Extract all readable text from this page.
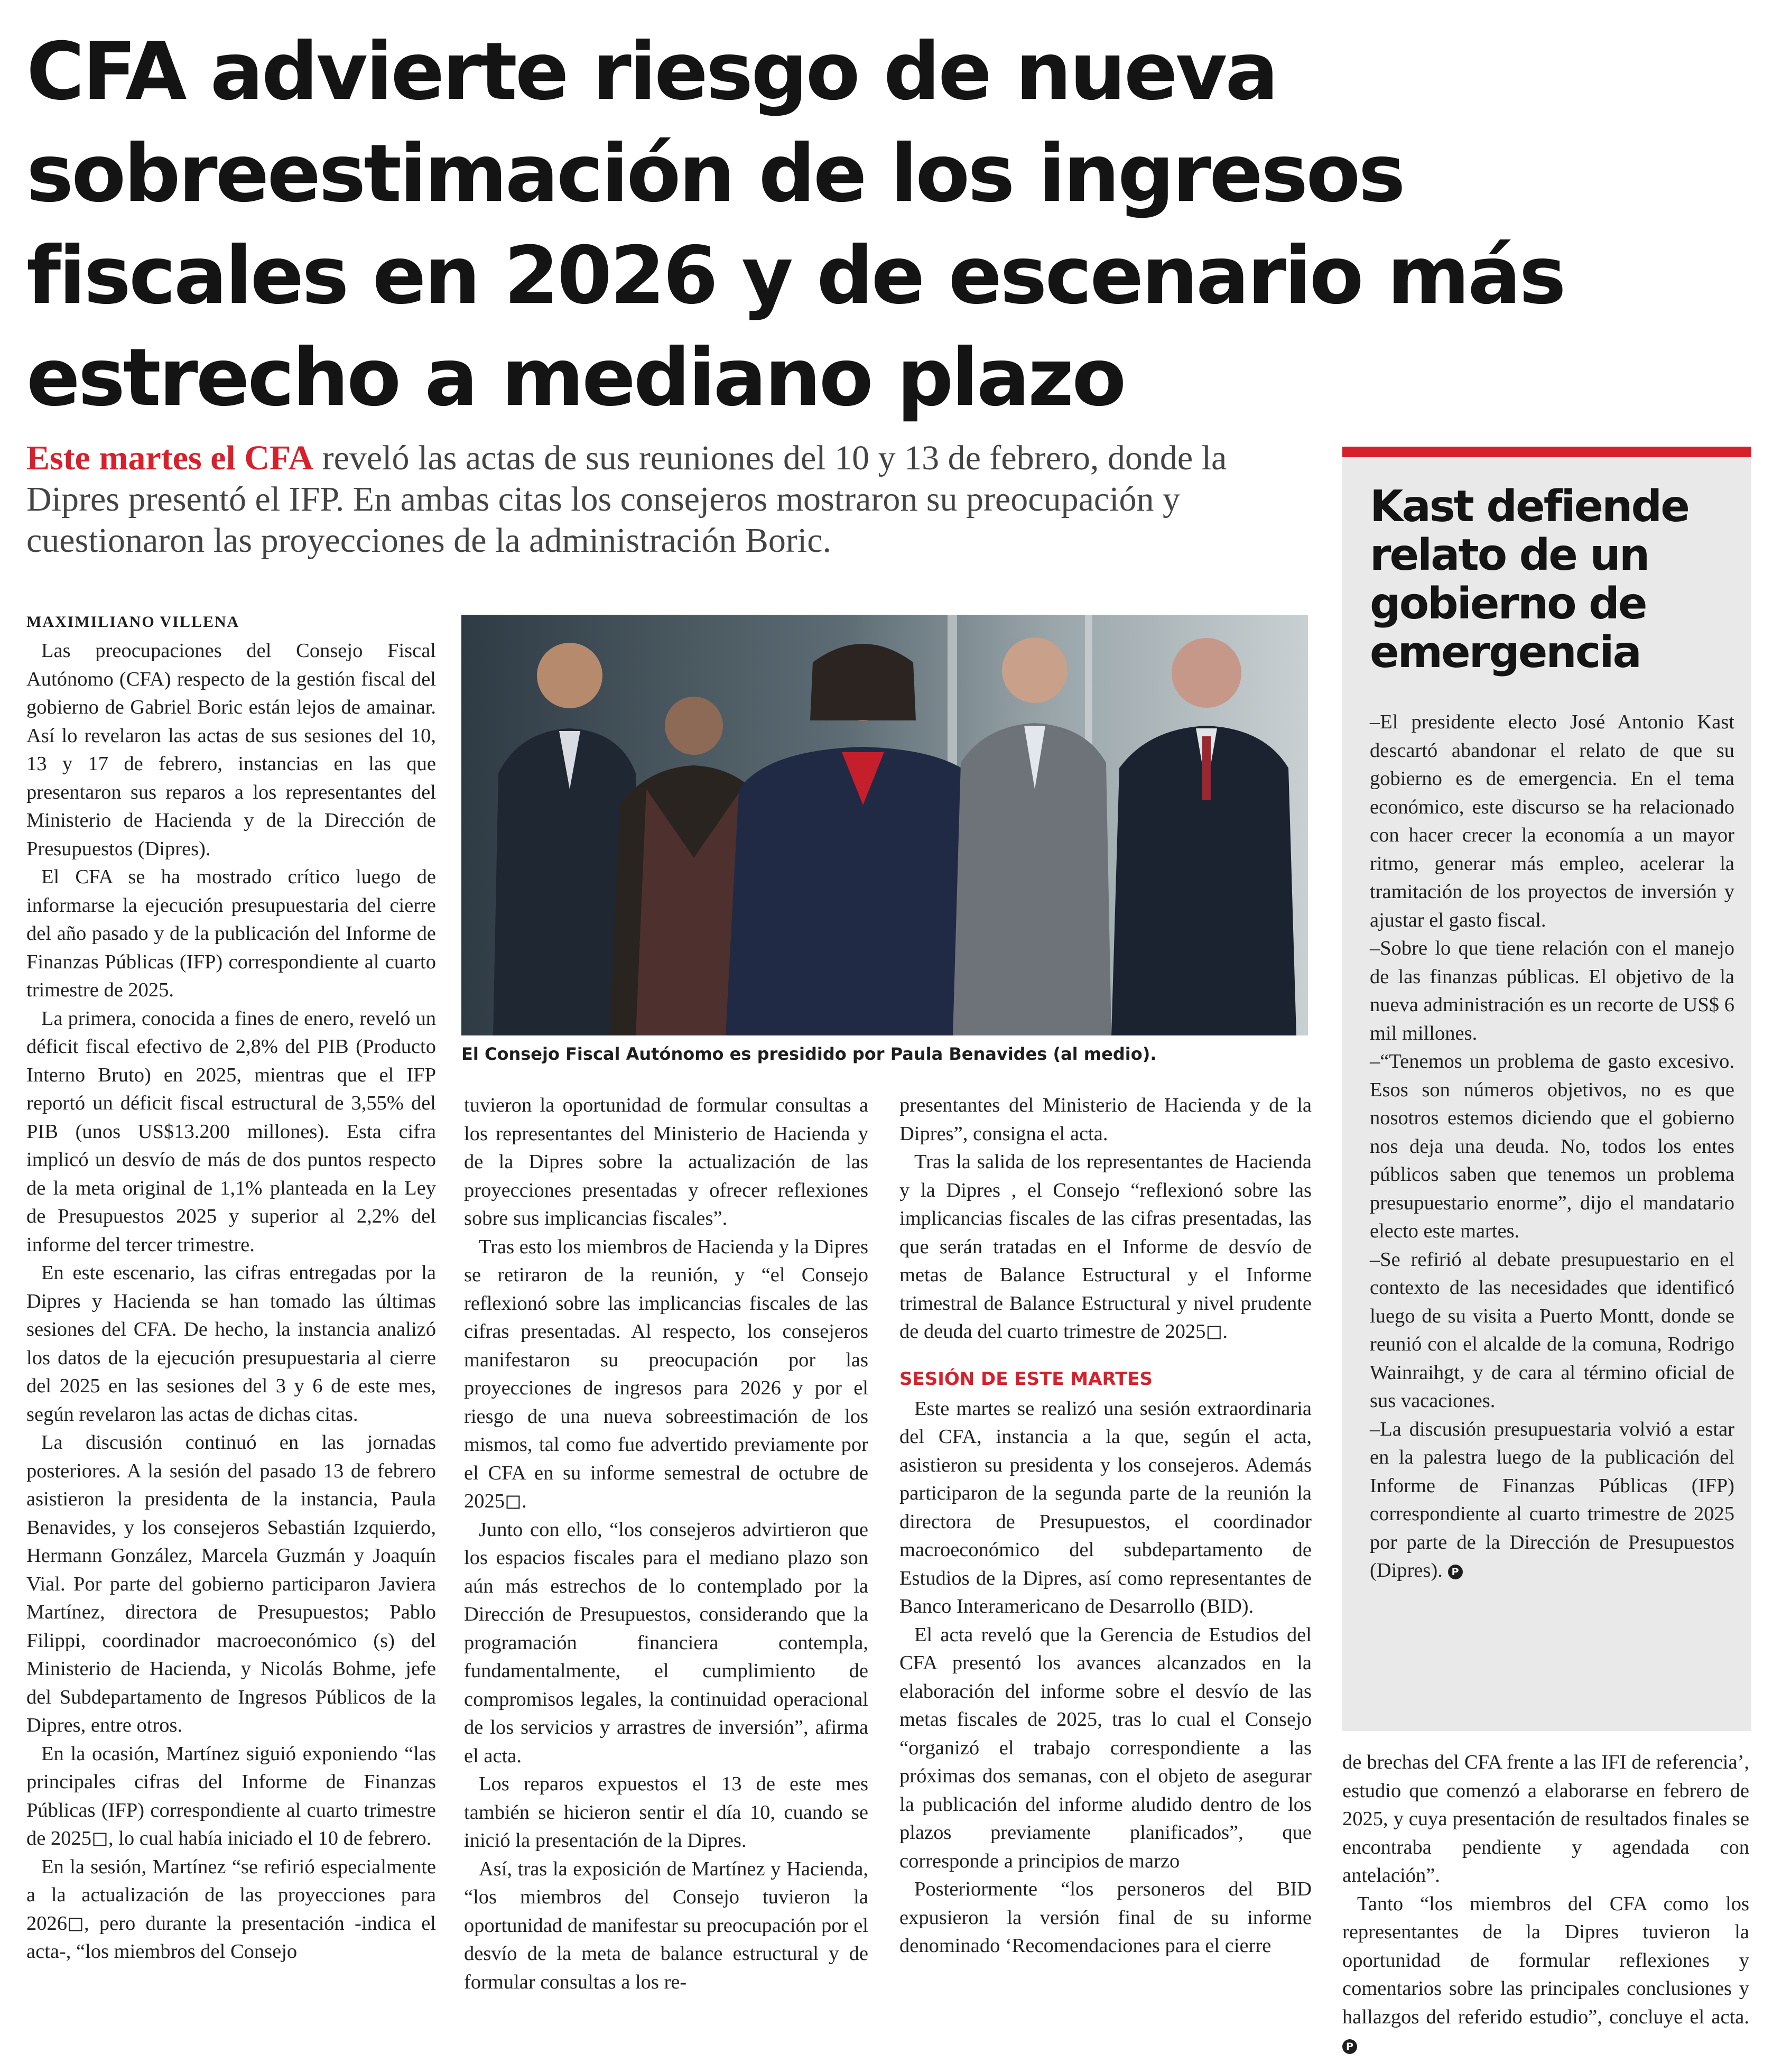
CFA advierte riesgo de nueva sobreestimación de los ingresos fiscales en 2026 y de escenario más estrecho a mediano plazo
Este martes el CFA reveló las actas de sus reuniones del 10 y 13 de febrero, donde la Dipres presentó el IFP. En ambas citas los consejeros mostraron su preocupación y cuestionaron las proyecciones de la administración Boric.
MAXIMILIANO VILLENA

Las preocupaciones del Consejo Fiscal Autónomo (CFA) respecto de la gestión fiscal del gobierno de Gabriel Boric están lejos de amainar. Así lo revelaron las actas de sus sesiones del 10, 13 y 17 de febrero, instancias en las que presentaron sus reparos a los representantes del Ministerio de Hacienda y de la Dirección de Presupuestos (Dipres).

El CFA se ha mostrado crítico luego de informarse la ejecución presupuestaria del cierre del año pasado y de la publicación del Informe de Finanzas Públicas (IFP) correspondiente al cuarto trimestre de 2025.

La primera, conocida a fines de enero, reveló un déficit fiscal efectivo de 2,8% del PIB (Producto Interno Bruto) en 2025, mientras que el IFP reportó un déficit fiscal estructural de 3,55% del PIB (unos US$13.200 millones). Esta cifra implicó un desvío de más de dos puntos respecto de la meta original de 1,1% planteada en la Ley de Presupuestos 2025 y superior al 2,2% del informe del tercer trimestre.

En este escenario, las cifras entregadas por la Dipres y Hacienda se han tomado las últimas sesiones del CFA. De hecho, la instancia analizó los datos de la ejecución presupuestaria al cierre del 2025 en las sesiones del 3 y 6 de este mes, según revelaron las actas de dichas citas.

La discusión continuó en las jornadas posteriores. A la sesión del pasado 13 de febrero asistieron la presidenta de la instancia, Paula Benavides, y los consejeros Sebastián Izquierdo, Hermann González, Marcela Guzmán y Joaquín Vial. Por parte del gobierno participaron Javiera Martínez, directora de Presupuestos; Pablo Filippi, coordinador macroeconómico (s) del Ministerio de Hacienda, y Nicolás Bohme, jefe del Subdepartamento de Ingresos Públicos de la Dipres, entre otros.

En la ocasión, Martínez siguió exponiendo “las principales cifras del Informe de Finanzas Públicas (IFP) correspondiente al cuarto trimestre de 2025◻, lo cual había iniciado el 10 de febrero.

En la sesión, Martínez “se refirió especialmente a la actualización de las proyecciones para 2026◻, pero durante la presentación -indica el acta-, “los miembros del Consejo

El Consejo Fiscal Autónomo es presidido por Paula Benavides (al medio).

tuvieron la oportunidad de formular consultas a los representantes del Ministerio de Hacienda y de la Dipres sobre la actualización de las proyecciones presentadas y ofrecer reflexiones sobre sus implicancias fiscales”.

Tras esto los miembros de Hacienda y la Dipres se retiraron de la reunión, y “el Consejo reflexionó sobre las implicancias fiscales de las cifras presentadas. Al respecto, los consejeros manifestaron su preocupación por las proyecciones de ingresos para 2026 y por el riesgo de una nueva sobreestimación de los mismos, tal como fue advertido previamente por el CFA en su informe semestral de octubre de 2025◻.

Junto con ello, “los consejeros advirtieron que los espacios fiscales para el mediano plazo son aún más estrechos de lo contemplado por la Dirección de Presupuestos, considerando que la programación financiera contempla, fundamentalmente, el cumplimiento de compromisos legales, la continuidad operacional de los servicios y arrastres de inversión”, afirma el acta.

Los reparos expuestos el 13 de este mes también se hicieron sentir el día 10, cuando se inició la presentación de la Dipres.

Así, tras la exposición de Martínez y Hacienda, “los miembros del Consejo tuvieron la oportunidad de manifestar su preocupación por el desvío de la meta de balance estructural y de formular consultas a los re-

presentantes del Ministerio de Hacienda y de la Dipres”, consigna el acta.

Tras la salida de los representantes de Hacienda y la Dipres , el Consejo “reflexionó sobre las implicancias fiscales de las cifras presentadas, las que serán tratadas en el Informe de desvío de metas de Balance Estructural y el Informe trimestral de Balance Estructural y nivel prudente de deuda del cuarto trimestre de 2025◻.

SESIÓN DE ESTE MARTES

Este martes se realizó una sesión extraordinaria del CFA, instancia a la que, según el acta, asistieron su presidenta y los consejeros. Además participaron de la segunda parte de la reunión la directora de Presupuestos, el coordinador macroeconómico del subdepartamento de Estudios de la Dipres, así como representantes de Banco Interamericano de Desarrollo (BID).

El acta reveló que la Gerencia de Estudios del CFA presentó los avances alcanzados en la elaboración del informe sobre el desvío de las metas fiscales de 2025, tras lo cual el Consejo “organizó el trabajo correspondiente a las próximas dos semanas, con el objeto de asegurar la publicación del informe aludido dentro de los plazos previamente planificados”, que corresponde a principios de marzo

Posteriormente “los personeros del BID expusieron la versión final de su informe denominado ‘Recomendaciones para el cierre

Kast defiende relato de un gobierno de emergencia

–El presidente electo José Antonio Kast descartó abandonar el relato de que su gobierno es de emergencia. En el tema económico, este discurso se ha relacionado con hacer crecer la economía a un mayor ritmo, generar más empleo, acelerar la tramitación de los proyectos de inversión y ajustar el gasto fiscal.

–Sobre lo que tiene relación con el manejo de las finanzas públicas. El objetivo de la nueva administración es un recorte de US$ 6 mil millones.

–“Tenemos un problema de gasto excesivo. Esos son números objetivos, no es que nosotros estemos diciendo que el gobierno nos deja una deuda. No, todos los entes públicos saben que tenemos un problema presupuestario enorme”, dijo el mandatario electo este martes.

–Se refirió al debate presupuestario en el contexto de las necesidades que identificó luego de su visita a Puerto Montt, donde se reunió con el alcalde de la comuna, Rodrigo Wainraihgt, y de cara al término oficial de sus vacaciones.

–La discusión presupuestaria volvió a estar en la palestra luego de la publicación del Informe de Finanzas Públicas (IFP) correspondiente al cuarto trimestre de 2025 por parte de la Dirección de Presupuestos (Dipres). P

de brechas del CFA frente a las IFI de referencia’, estudio que comenzó a elaborarse en febrero de 2025, y cuya presentación de resultados finales se encontraba pendiente y agendada con antelación”.

Tanto “los miembros del CFA como los representantes de la Dipres tuvieron la oportunidad de formular reflexiones y comentarios sobre las principales conclusiones y hallazgos del referido estudio”, concluye el acta. P
